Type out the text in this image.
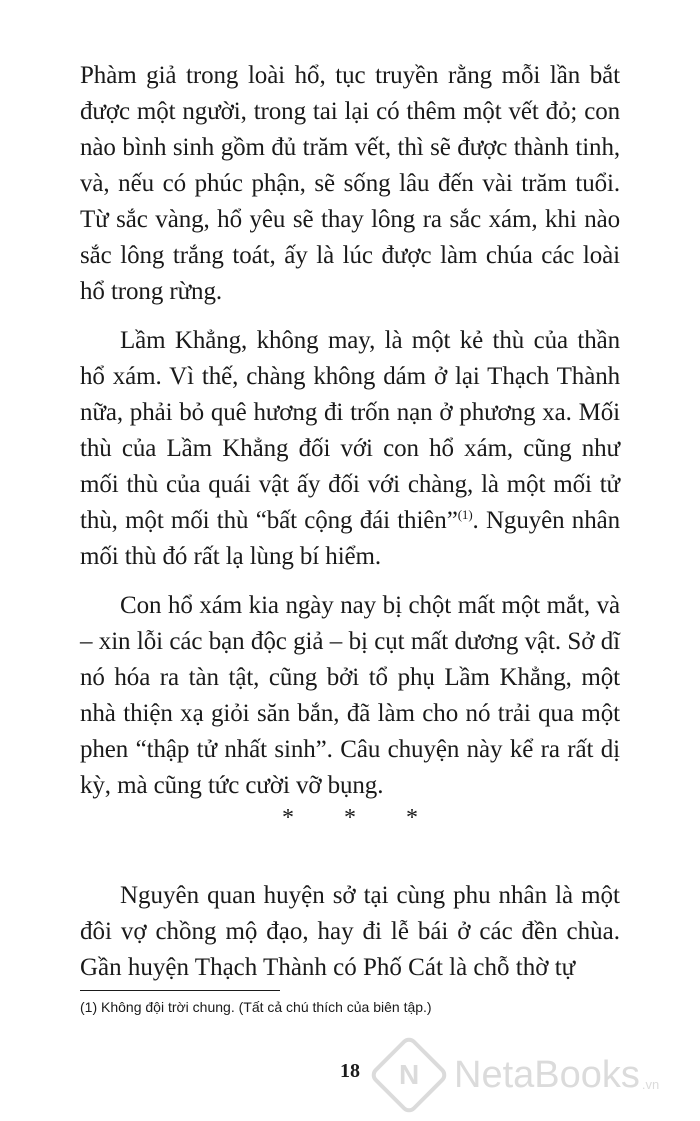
Phàm giả trong loài hổ, tục truyền rằng mỗi lần bắt được một người, trong tai lại có thêm một vết đỏ; con nào bình sinh gồm đủ trăm vết, thì sẽ được thành tinh, và, nếu có phúc phận, sẽ sống lâu đến vài trăm tuổi. Từ sắc vàng, hổ yêu sẽ thay lông ra sắc xám, khi nào sắc lông trắng toát, ấy là lúc được làm chúa các loài hổ trong rừng.

Lầm Khẳng, không may, là một kẻ thù của thần hổ xám. Vì thế, chàng không dám ở lại Thạch Thành nữa, phải bỏ quê hương đi trốn nạn ở phương xa. Mối thù của Lầm Khẳng đối với con hổ xám, cũng như mối thù của quái vật ấy đối với chàng, là một mối tử thù, một mối thù “bất cộng đái thiên”$^{(1)}$. Nguyên nhân mối thù đó rất lạ lùng bí hiểm.

Con hổ xám kia ngày nay bị chột mất một mắt, và – xin lỗi các bạn độc giả – bị cụt mất dương vật. Sở dĩ nó hóa ra tàn tật, cũng bởi tổ phụ Lầm Khẳng, một nhà thiện xạ giỏi săn bắn, đã làm cho nó trải qua một phen “thập tử nhất sinh”. Câu chuyện này kể ra rất dị kỳ, mà cũng tức cười vỡ bụng.

* * *

Nguyên quan huyện sở tại cùng phu nhân là một đôi vợ chồng mộ đạo, hay đi lễ bái ở các đền chùa. Gần huyện Thạch Thành có Phố Cát là chỗ thờ tự

(1) Không đội trời chung. (Tất cả chú thích của biên tập.)
18	N NetaBooks .vn
